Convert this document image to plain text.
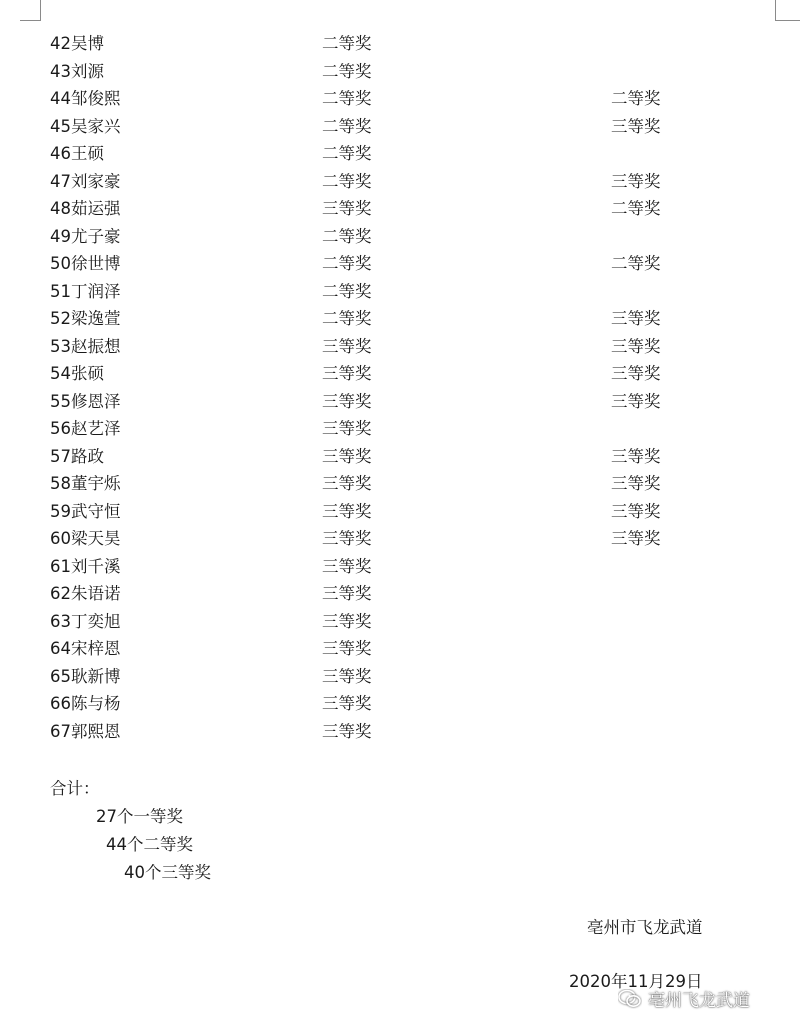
42吴博	二等奖
43刘源	二等奖
44邹俊熙	二等奖	二等奖
45吴家兴	二等奖	三等奖
46王硕	二等奖
47刘家豪	二等奖	三等奖
48茹运强	三等奖	二等奖
49尤子豪	二等奖
50徐世博	二等奖	二等奖
51丁润泽	二等奖
52梁逸萱	二等奖	三等奖
53赵振想	三等奖	三等奖
54张硕	三等奖	三等奖
55修恩泽	三等奖	三等奖
56赵艺泽	三等奖
57路政	三等奖	三等奖
58董宇烁	三等奖	三等奖
59武守恒	三等奖	三等奖
60梁天昊	三等奖	三等奖
61刘千溪	三等奖
62朱语诺	三等奖
63丁奕旭	三等奖
64宋梓恩	三等奖
65耿新博	三等奖
66陈与杨	三等奖
67郭熙恩	三等奖
合计：
27个一等奖
44个二等奖
40个三等奖
亳州市飞龙武道
2020年11月29日
亳州飞龙武道
